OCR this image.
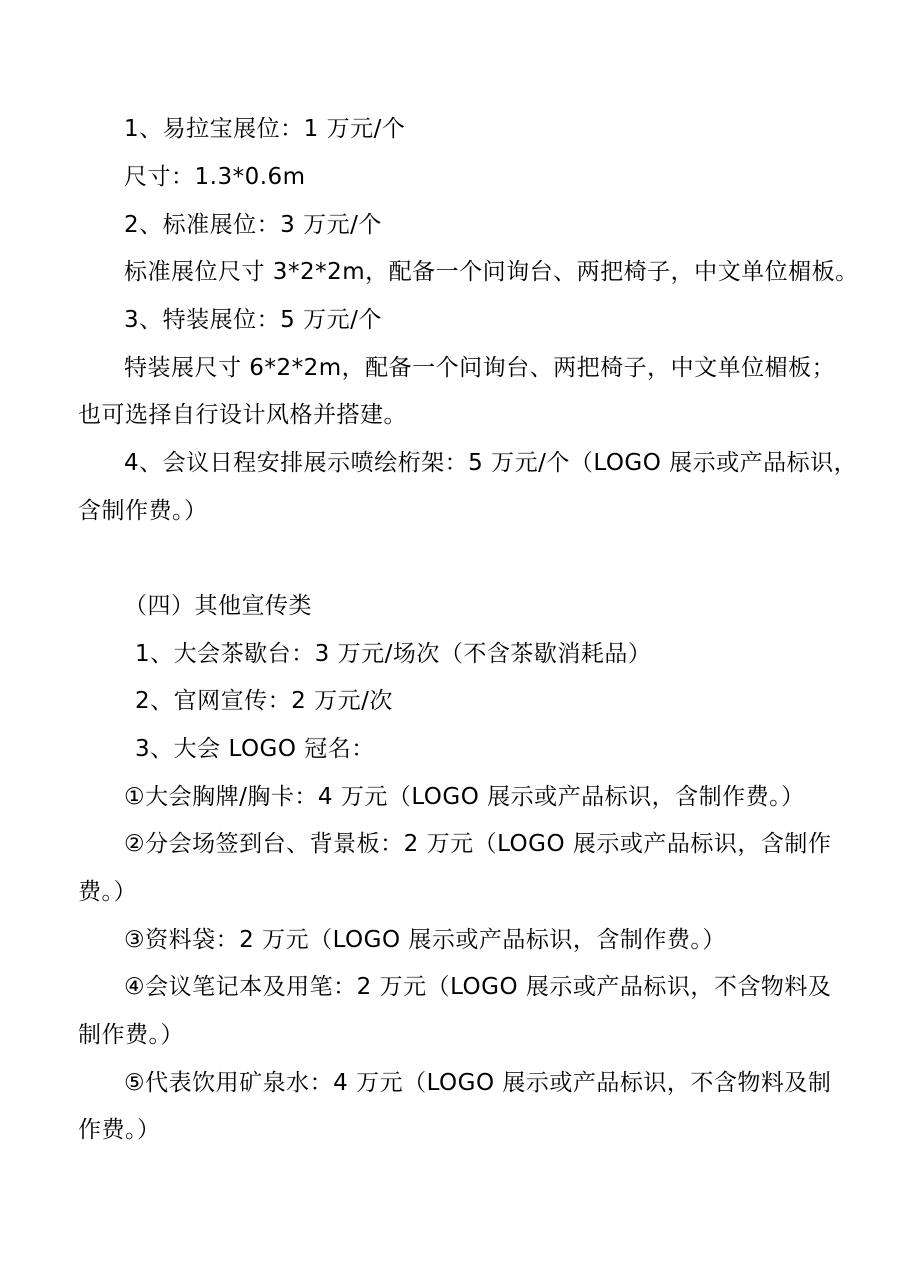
1、易拉宝展位：1 万元/个
尺寸：1.3*0.6m
2、标准展位：3 万元/个
标准展位尺寸 3*2*2m，配备一个问询台、两把椅子，中文单位楣板。
3、特装展位：5 万元/个
特装展尺寸 6*2*2m，配备一个问询台、两把椅子，中文单位楣板；
也可选择自行设计风格并搭建。
4、会议日程安排展示喷绘桁架：5 万元/个（LOGO 展示或产品标识，
含制作费。）
（四）其他宣传类
1、大会茶歇台：3 万元/场次（不含茶歇消耗品）
2、官网宣传：2 万元/次
3、大会 LOGO 冠名：
①大会胸牌/胸卡：4 万元（LOGO 展示或产品标识，含制作费。）
②分会场签到台、背景板：2 万元（LOGO 展示或产品标识，含制作
费。）
③资料袋：2 万元（LOGO 展示或产品标识，含制作费。）
④会议笔记本及用笔：2 万元（LOGO 展示或产品标识，不含物料及
制作费。）
⑤代表饮用矿泉水：4 万元（LOGO 展示或产品标识，不含物料及制
作费。）
